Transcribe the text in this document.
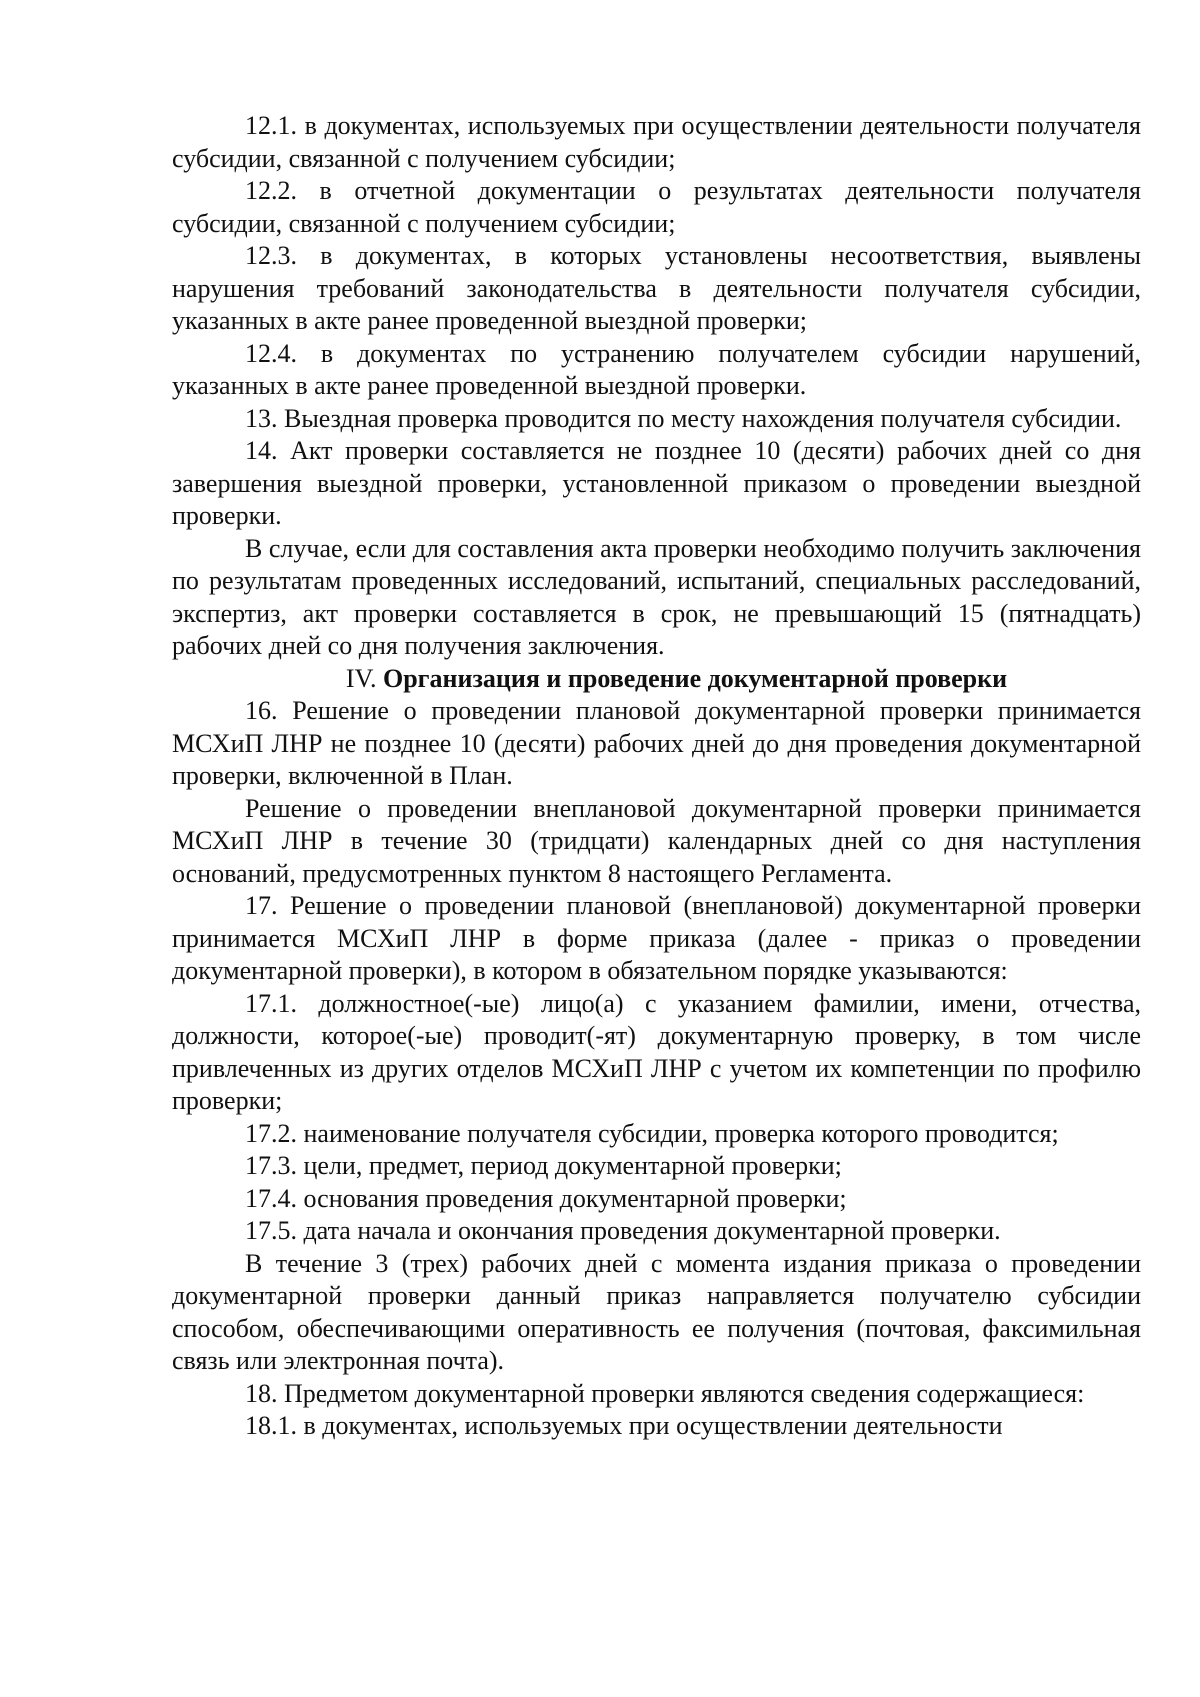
12.1. в документах, используемых при осуществлении деятельности получателя субсидии, связанной с получением субсидии;

12.2. в отчетной документации о результатах деятельности получателя субсидии, связанной с получением субсидии;

12.3. в документах, в которых установлены несоответствия, выявлены нарушения требований законодательства в деятельности получателя субсидии, указанных в акте ранее проведенной выездной проверки;

12.4. в документах по устранению получателем субсидии нарушений, указанных в акте ранее проведенной выездной проверки.

13. Выездная проверка проводится по месту нахождения получателя субсидии.

14. Акт проверки составляется не позднее 10 (десяти) рабочих дней со дня завершения выездной проверки, установленной приказом о проведении выездной проверки.

В случае, если для составления акта проверки необходимо получить заключения по результатам проведенных исследований, испытаний, специальных расследований, экспертиз, акт проверки составляется в срок, не превышающий 15 (пятнадцать) рабочих дней со дня получения заключения.

IV. Организация и проведение документарной проверки

16. Решение о проведении плановой документарной проверки принимается МСХиП ЛНР не позднее 10 (десяти) рабочих дней до дня проведения документарной проверки, включенной в План.

Решение о проведении внеплановой документарной проверки принимается МСХиП ЛНР в течение 30 (тридцати) календарных дней со дня наступления оснований, предусмотренных пунктом 8 настоящего Регламента.

17. Решение о проведении плановой (внеплановой) документарной проверки принимается МСХиП ЛНР в форме приказа (далее - приказ о проведении документарной проверки), в котором в обязательном порядке указываются:

17.1. должностное(-ые) лицо(а) с указанием фамилии, имени, отчества, должности, которое(-ые) проводит(-ят) документарную проверку, в том числе привлеченных из других отделов МСХиП ЛНР с учетом их компетенции по профилю проверки;

17.2. наименование получателя субсидии, проверка которого проводится;

17.3. цели, предмет, период документарной проверки;

17.4. основания проведения документарной проверки;

17.5. дата начала и окончания проведения документарной проверки.

В течение 3 (трех) рабочих дней с момента издания приказа о проведении документарной проверки данный приказ направляется получателю субсидии способом, обеспечивающими оперативность ее получения (почтовая, факсимильная связь или электронная почта).

18. Предметом документарной проверки являются сведения содержащиеся:

18.1. в документах, используемых при осуществлении деятельности
